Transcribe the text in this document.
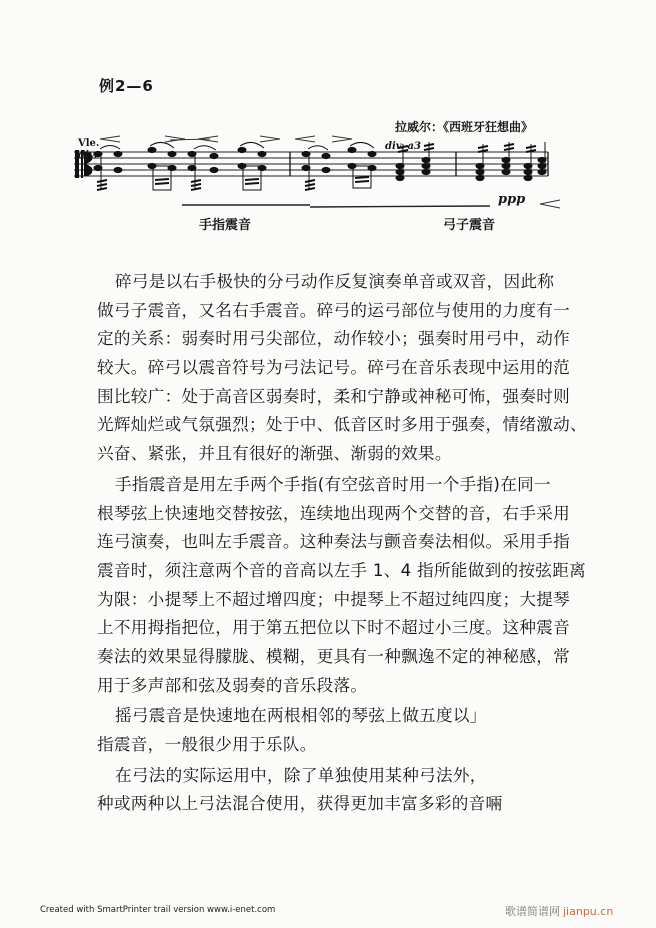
例2—6
拉威尔：《西班牙狂想曲》
Vle.
div.
div. a3
ppp
手指震音	弓子震音
碎弓是以右手极快的分弓动作反复演奏单音或双音，因此称
做弓子震音，又名右手震音。碎弓的运弓部位与使用的力度有一
定的关系：弱奏时用弓尖部位，动作较小；强奏时用弓中，动作
较大。碎弓以震音符号为弓法记号。碎弓在音乐表现中运用的范
围比较广：处于高音区弱奏时，柔和宁静或神秘可怖，强奏时则
光辉灿烂或气氛强烈；处于中、低音区时多用于强奏，情绪激动、
兴奋、紧张，并且有很好的渐强、渐弱的效果。
手指震音是用左手两个手指(有空弦音时用一个手指)在同一
根琴弦上快速地交替按弦，连续地出现两个交替的音，右手采用
连弓演奏，也叫左手震音。这种奏法与颤音奏法相似。采用手指
震音时，须注意两个音的音高以左手 1、4 指所能做到的按弦距离
为限：小提琴上不超过增四度；中提琴上不超过纯四度；大提琴
上不用拇指把位，用于第五把位以下时不超过小三度。这种震音
奏法的效果显得朦胧、模糊，更具有一种飘逸不定的神秘感，常
用于多声部和弦及弱奏的音乐段落。
摇弓震音是快速地在两根相邻的琴弦上做五度以」
指震音，一般很少用于乐队。
在弓法的实际运用中，除了单独使用某种弓法外，
种或两种以上弓法混合使用，获得更加丰富多彩的音啢
Created with SmartPrinter trail version www.i-enet.com	歌谱简谱网 jianpu.cn
